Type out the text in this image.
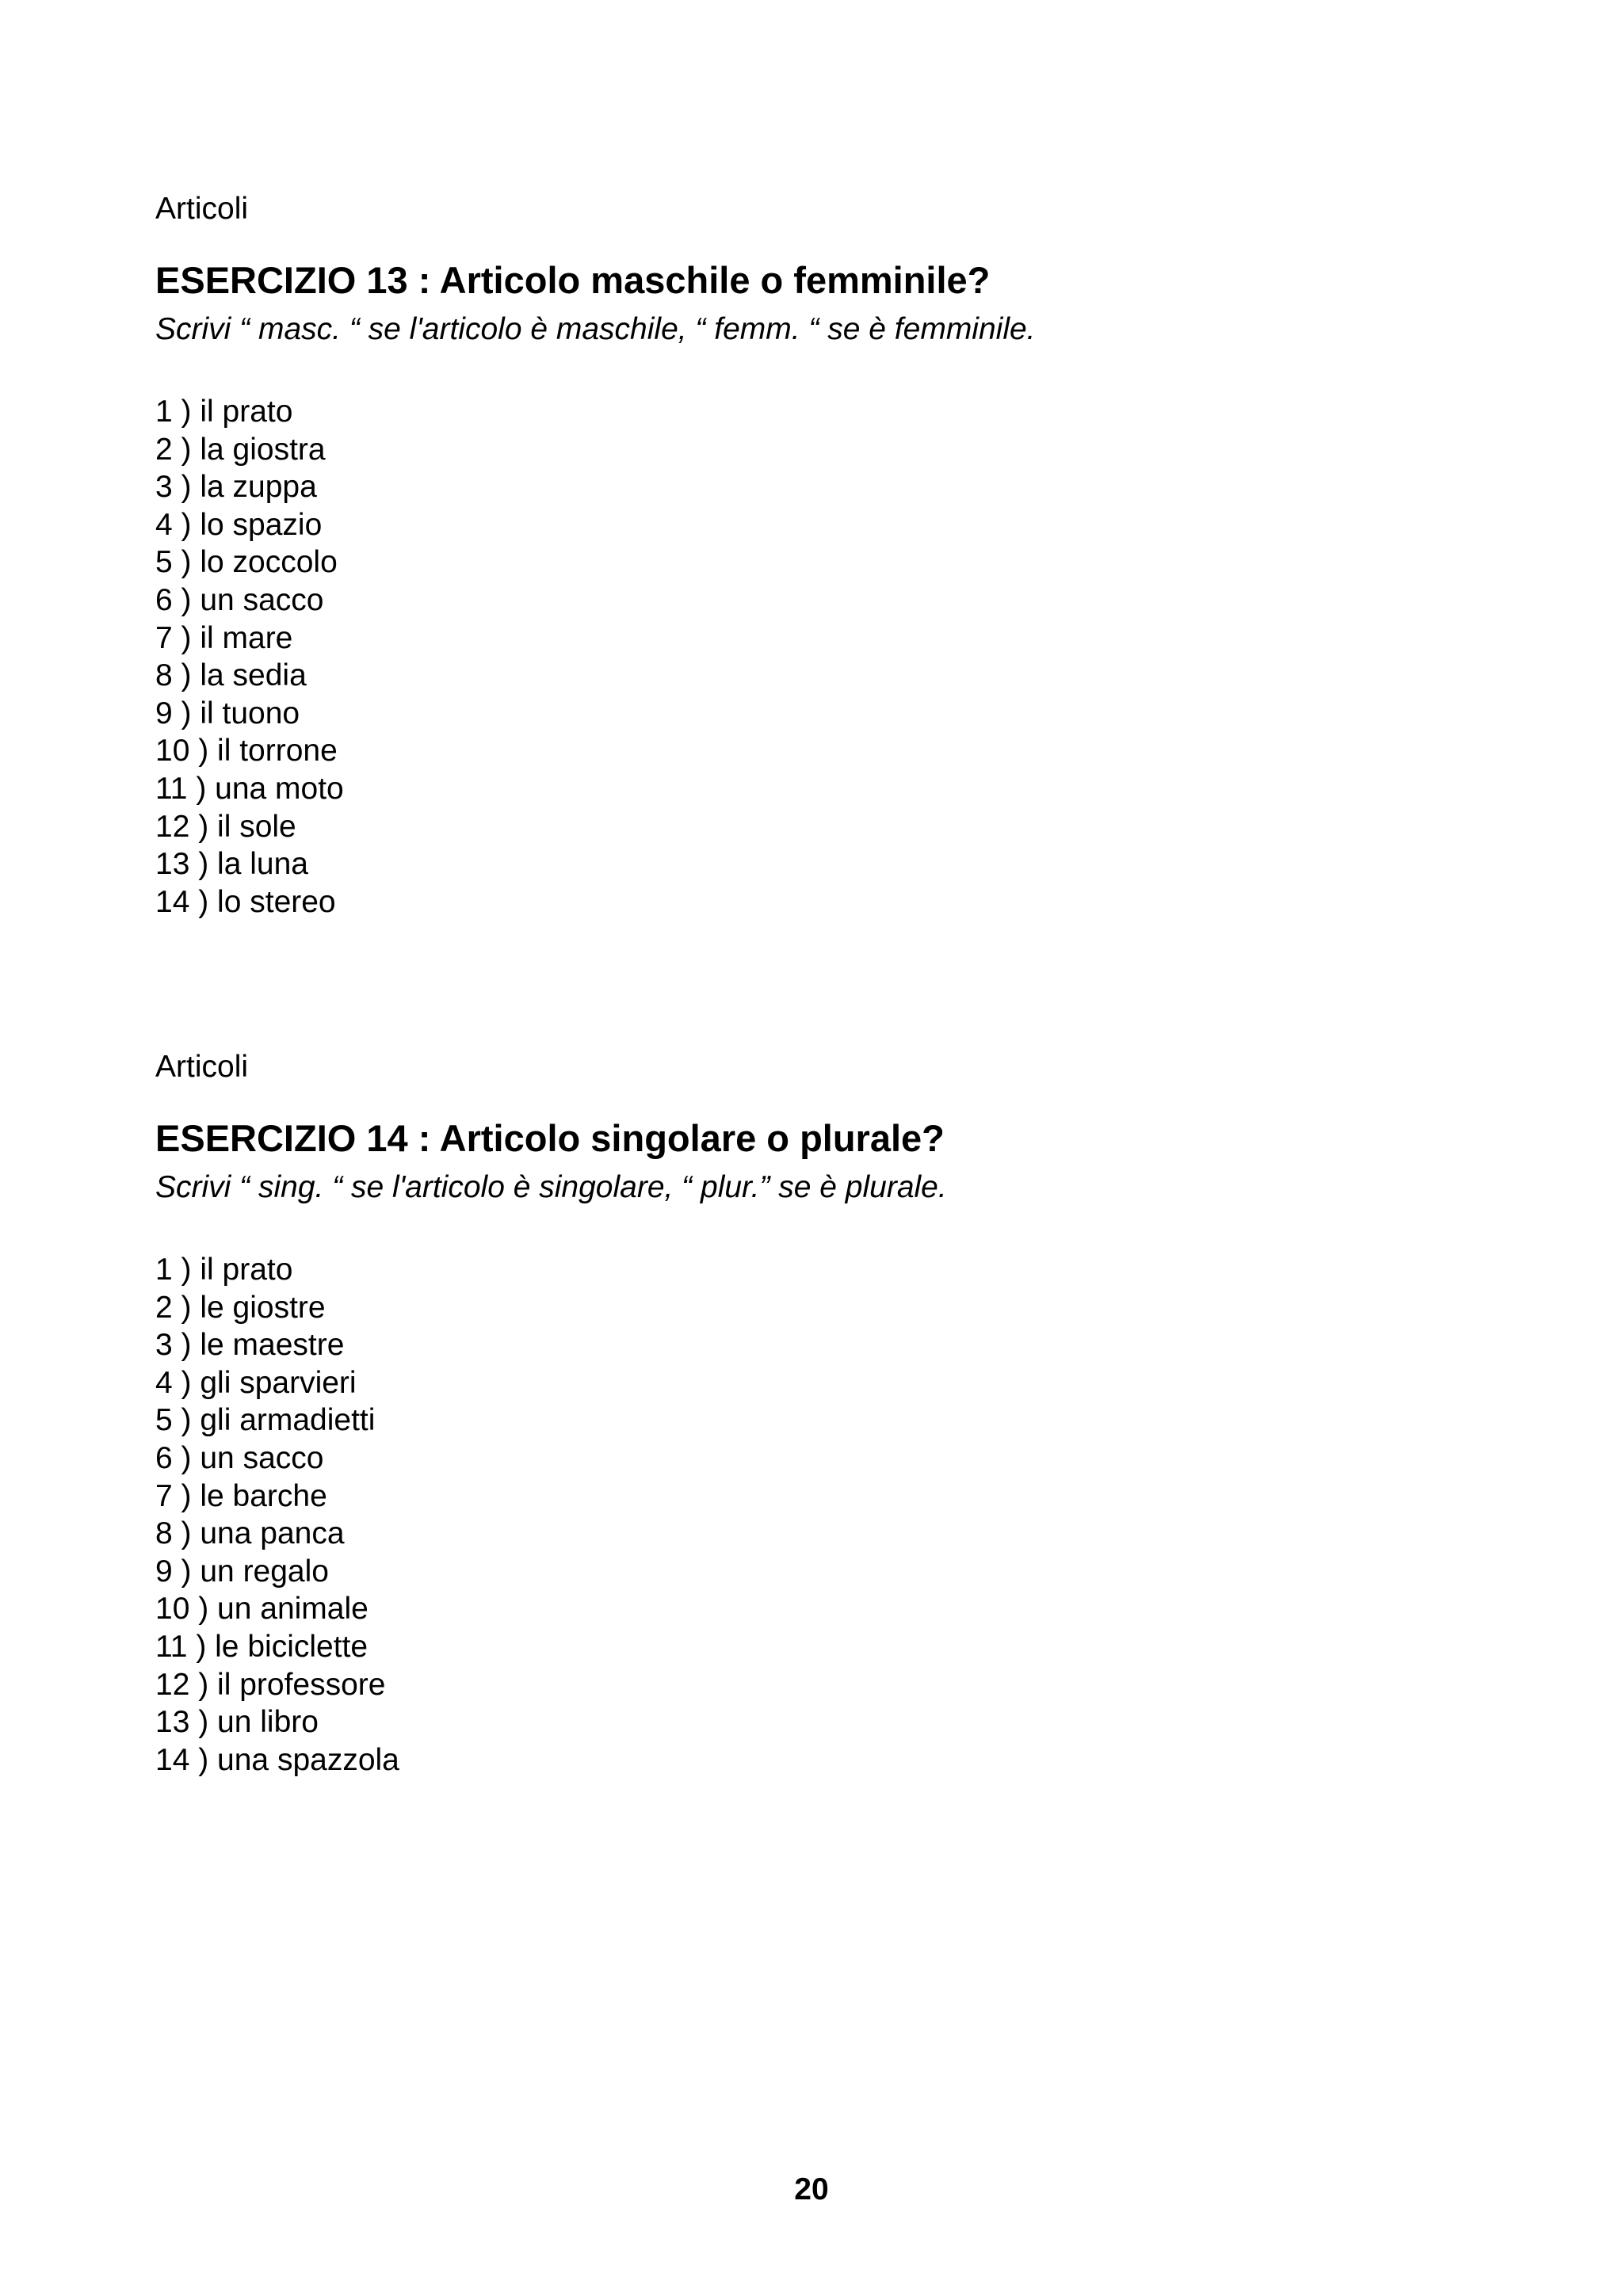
Articoli

ESERCIZIO 13 : Articolo maschile o femminile?

Scrivi “ masc. “ se l'articolo è maschile, “ femm. “ se è femminile.

1 ) il prato
2 ) la giostra
3 ) la zuppa
4 ) lo spazio
5 ) lo zoccolo
6 ) un sacco
7 ) il mare
8 ) la sedia
9 ) il tuono
10 ) il torrone
11 ) una moto
12 ) il sole
13 ) la luna
14 ) lo stereo

Articoli

ESERCIZIO 14 : Articolo singolare o plurale?

Scrivi “ sing. “ se l'articolo è singolare, “ plur.” se è plurale.

1 ) il prato
2 ) le giostre
3 ) le maestre
4 ) gli sparvieri
5 ) gli armadietti
6 ) un sacco
7 ) le barche
8 ) una panca
9 ) un regalo
10 ) un animale
11 ) le biciclette
12 ) il professore
13 ) un libro
14 ) una spazzola
20
